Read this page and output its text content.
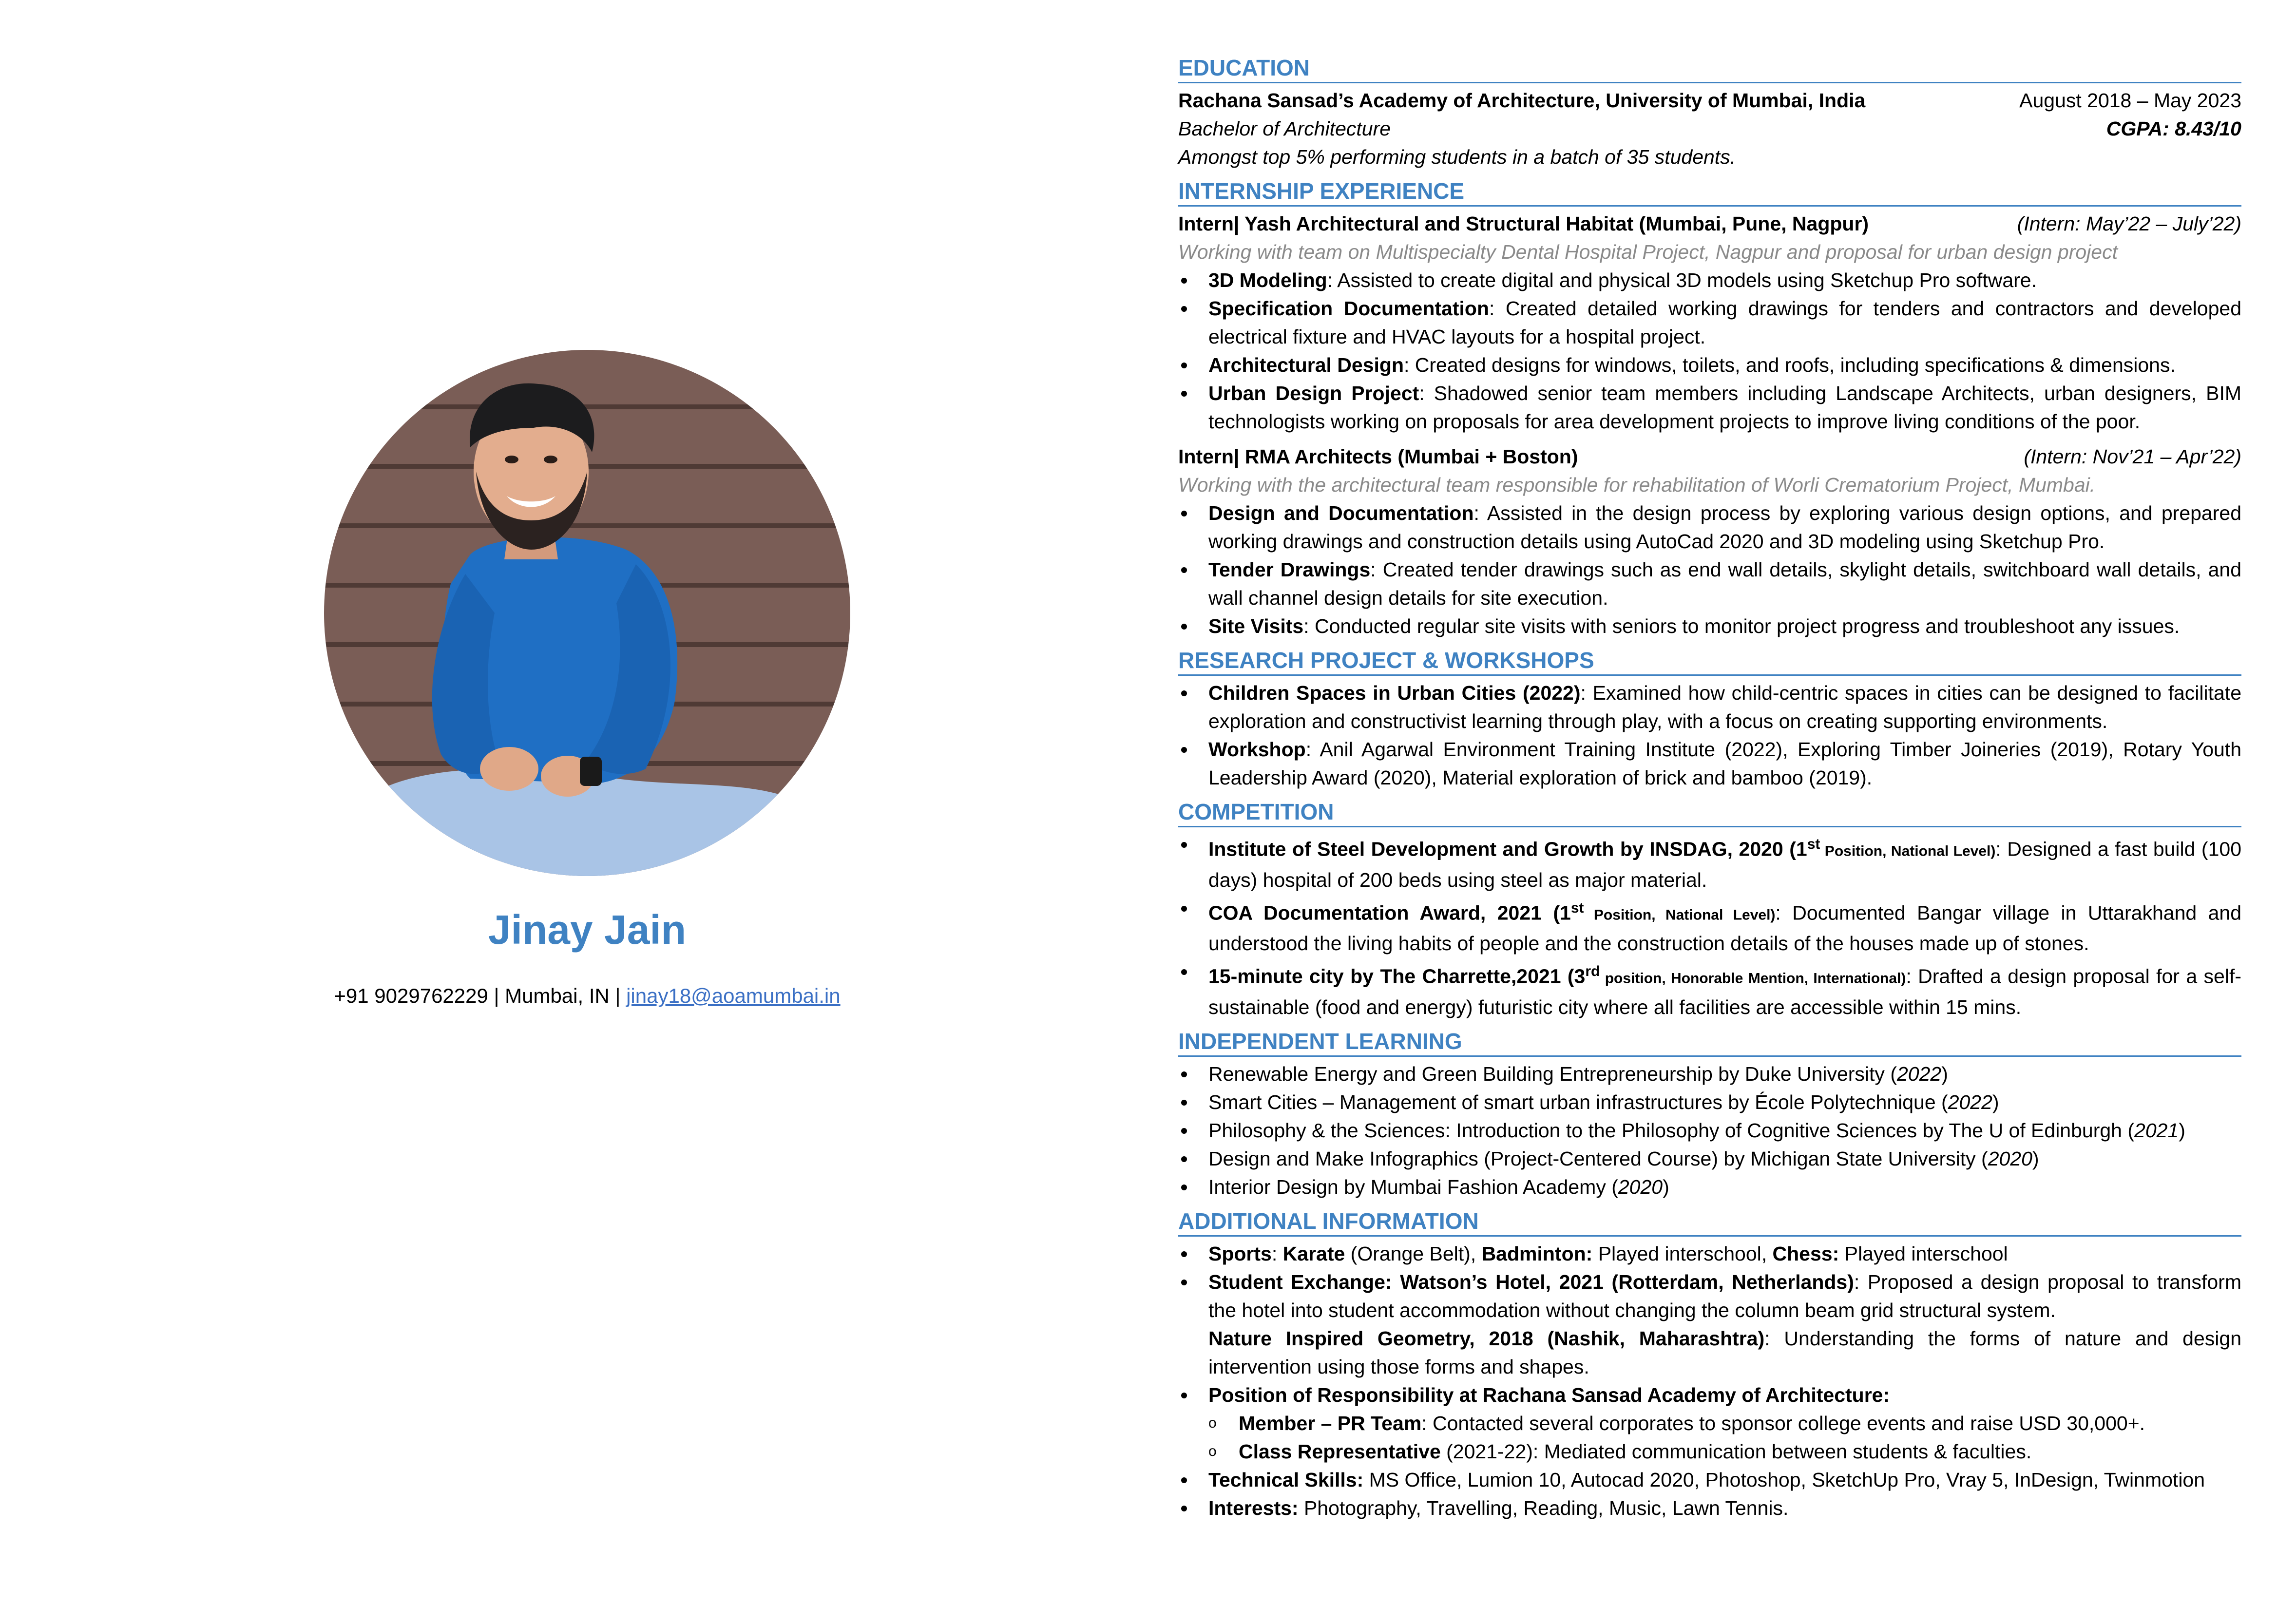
Jinay Jain
+91 9029762229 | Mumbai, IN | jinay18@aoamumbai.in
EDUCATION
Rachana Sansad’s Academy of Architecture, University of Mumbai, India	August 2018 – May 2023
Bachelor of Architecture	CGPA: 8.43/10
Amongst top 5% performing students in a batch of 35 students.
INTERNSHIP EXPERIENCE
Intern| Yash Architectural and Structural Habitat (Mumbai, Pune, Nagpur)	(Intern: May’22 – July’22)
Working with team on Multispecialty Dental Hospital Project, Nagpur and proposal for urban design project
3D Modeling: Assisted to create digital and physical 3D models using Sketchup Pro software.
Specification Documentation: Created detailed working drawings for tenders and contractors and developed electrical fixture and HVAC layouts for a hospital project.
Architectural Design: Created designs for windows, toilets, and roofs, including specifications & dimensions.
Urban Design Project: Shadowed senior team members including Landscape Architects, urban designers, BIM technologists working on proposals for area development projects to improve living conditions of the poor.
Intern| RMA Architects (Mumbai + Boston)	(Intern: Nov’21 – Apr’22)
Working with the architectural team responsible for rehabilitation of Worli Crematorium Project, Mumbai.
Design and Documentation: Assisted in the design process by exploring various design options, and prepared working drawings and construction details using AutoCad 2020 and 3D modeling using Sketchup Pro.
Tender Drawings: Created tender drawings such as end wall details, skylight details, switchboard wall details, and wall channel design details for site execution.
Site Visits: Conducted regular site visits with seniors to monitor project progress and troubleshoot any issues.
RESEARCH PROJECT & WORKSHOPS
Children Spaces in Urban Cities (2022): Examined how child-centric spaces in cities can be designed to facilitate exploration and constructivist learning through play, with a focus on creating supporting environments.
Workshop: Anil Agarwal Environment Training Institute (2022), Exploring Timber Joineries (2019), Rotary Youth Leadership Award (2020), Material exploration of brick and bamboo (2019).
COMPETITION
Institute of Steel Development and Growth by INSDAG, 2020 (1st Position, National Level): Designed a fast build (100 days) hospital of 200 beds using steel as major material.
COA Documentation Award, 2021 (1st Position, National Level): Documented Bangar village in Uttarakhand and understood the living habits of people and the construction details of the houses made up of stones.
15-minute city by The Charrette,2021 (3rd position, Honorable Mention, International): Drafted a design proposal for a self-sustainable (food and energy) futuristic city where all facilities are accessible within 15 mins.
INDEPENDENT LEARNING
Renewable Energy and Green Building Entrepreneurship by Duke University (2022)
Smart Cities – Management of smart urban infrastructures by École Polytechnique (2022)
Philosophy & the Sciences: Introduction to the Philosophy of Cognitive Sciences by The U of Edinburgh (2021)
Design and Make Infographics (Project-Centered Course) by Michigan State University (2020)
Interior Design by Mumbai Fashion Academy (2020)
ADDITIONAL INFORMATION
Sports: Karate (Orange Belt), Badminton: Played interschool, Chess: Played interschool
Student Exchange: Watson’s Hotel, 2021 (Rotterdam, Netherlands): Proposed a design proposal to transform the hotel into student accommodation without changing the column beam grid structural system.
Nature Inspired Geometry, 2018 (Nashik, Maharashtra): Understanding the forms of nature and design intervention using those forms and shapes.
Position of Responsibility at Rachana Sansad Academy of Architecture:
o Member – PR Team: Contacted several corporates to sponsor college events and raise USD 30,000+.
o Class Representative (2021-22): Mediated communication between students & faculties.
Technical Skills: MS Office, Lumion 10, Autocad 2020, Photoshop, SketchUp Pro, Vray 5, InDesign, Twinmotion
Interests: Photography, Travelling, Reading, Music, Lawn Tennis.
